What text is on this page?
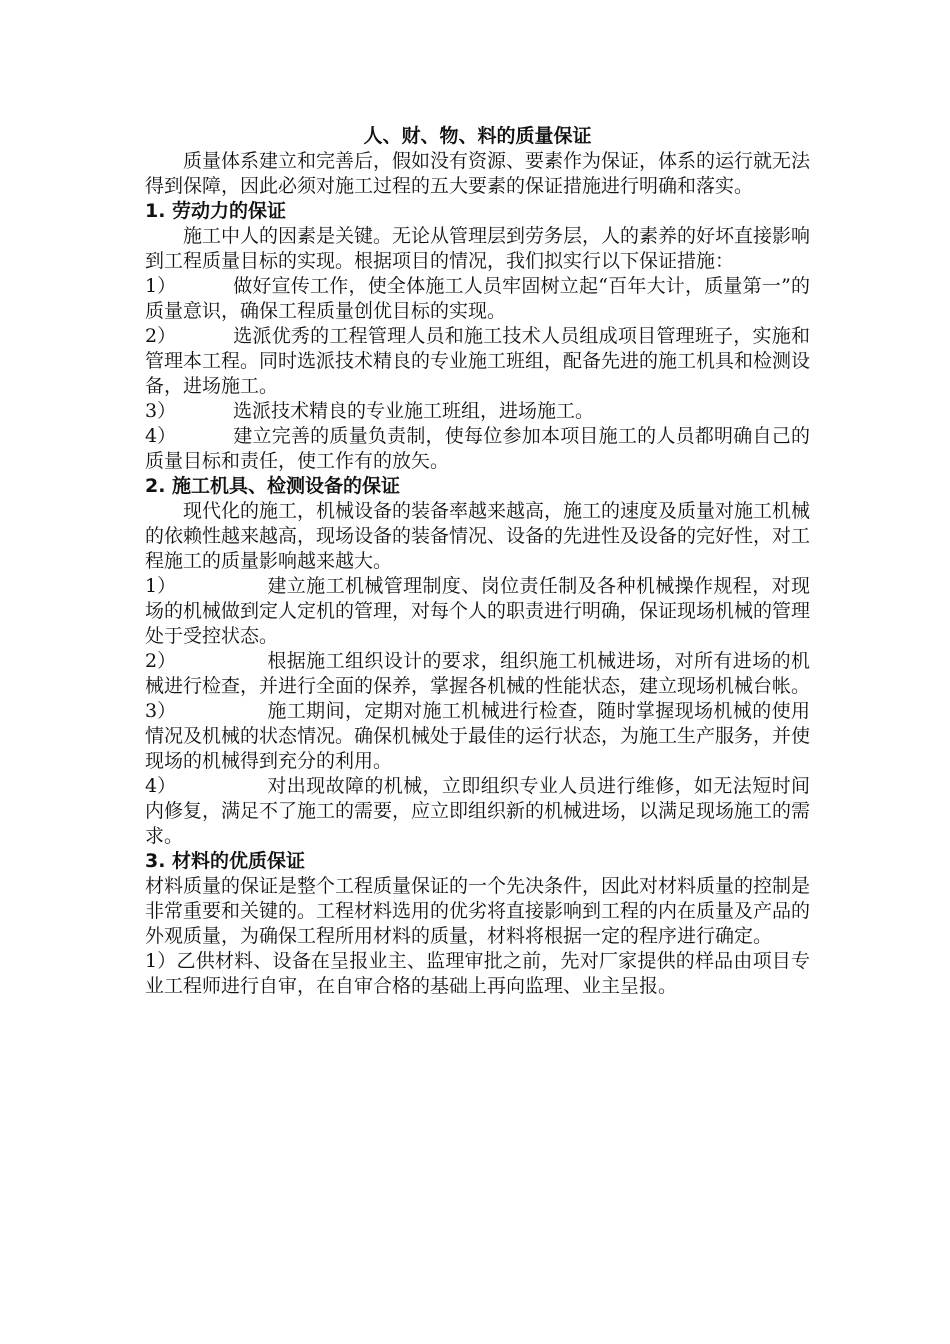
人、财、物、料的质量保证

质量体系建立和完善后，假如没有资源、要素作为保证，体系的运行就无法得到保障，因此必须对施工过程的五大要素的保证措施进行明确和落实。

1. 劳动力的保证

施工中人的因素是关键。无论从管理层到劳务层，人的素养的好坏直接影响到工程质量目标的实现。根据项目的情况，我们拟实行以下保证措施：

1）	做好宣传工作，使全体施工人员牢固树立起“百年大计，质量第一”的质量意识，确保工程质量创优目标的实现。

2）	选派优秀的工程管理人员和施工技术人员组成项目管理班子，实施和管理本工程。同时选派技术精良的专业施工班组，配备先进的施工机具和检测设备，进场施工。

3）	选派技术精良的专业施工班组，进场施工。

4）	建立完善的质量负责制，使每位参加本项目施工的人员都明确自己的质量目标和责任，使工作有的放矢。

2. 施工机具、检测设备的保证

现代化的施工，机械设备的装备率越来越高，施工的速度及质量对施工机械的依赖性越来越高，现场设备的装备情况、设备的先进性及设备的完好性，对工程施工的质量影响越来越大。

1）	建立施工机械管理制度、岗位责任制及各种机械操作规程，对现场的机械做到定人定机的管理，对每个人的职责进行明确，保证现场机械的管理处于受控状态。

2）	根据施工组织设计的要求，组织施工机械进场，对所有进场的机械进行检查，并进行全面的保养，掌握各机械的性能状态，建立现场机械台帐。

3）	施工期间，定期对施工机械进行检查，随时掌握现场机械的使用情况及机械的状态情况。确保机械处于最佳的运行状态，为施工生产服务，并使现场的机械得到充分的利用。

4）	对出现故障的机械，立即组织专业人员进行维修，如无法短时间内修复，满足不了施工的需要，应立即组织新的机械进场，以满足现场施工的需求。

3. 材料的优质保证

材料质量的保证是整个工程质量保证的一个先决条件，因此对材料质量的控制是非常重要和关键的。工程材料选用的优劣将直接影响到工程的内在质量及产品的外观质量，为确保工程所用材料的质量，材料将根据一定的程序进行确定。

1）乙供材料、设备在呈报业主、监理审批之前，先对厂家提供的样品由项目专业工程师进行自审，在自审合格的基础上再向监理、业主呈报。
